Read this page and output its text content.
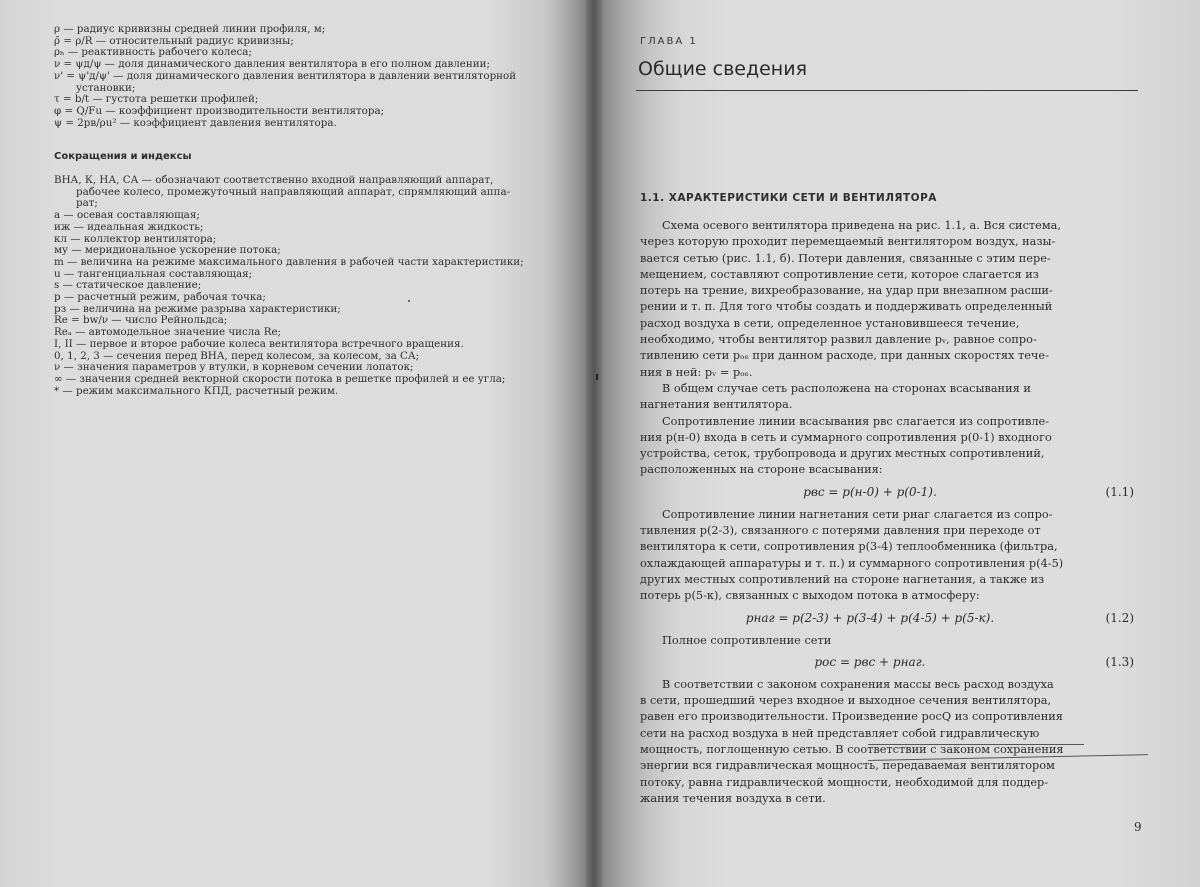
ρ — радиус кривизны средней линии профиля, м;
ρ̄ = ρ/R — относительный радиус кривизны;
ρₕ — реактивность рабочего колеса;
ν = ψд/ψ — доля динамического давления вентилятора в его полном давлении;
ν' = ψ'д/ψ' — доля динамического давления вентилятора в давлении вентиляторной
установки;
τ = b/t — густота решетки профилей;
φ = Q/Fu — коэффициент производительности вентилятора;
ψ = 2pв/ρu² — коэффициент давления вентилятора.
Сокращения и индексы
ВНА, К, НА, СА — обозначают соответственно входной направляющий аппарат,
рабочее колесо, промежуточный направляющий аппарат, спрямляющий аппа-
рат;
a — осевая составляющая;
иж — идеальная жидкость;
кл — коллектор вентилятора;
му — меридиональное ускорение потока;
m — величина на режиме максимального давления в рабочей части характеристики;
u — тангенциальная составляющая;
s — статическое давление;
p — расчетный режим, рабочая точка;
рз — величина на режиме разрыва характеристики;
Re = bw/ν — число Рейнольдса;
Reₐ — автомодельное значение числа Re;
I, II — первое и второе рабочие колеса вентилятора встречного вращения.
0, 1, 2, 3 — сечения перед ВНА, перед колесом, за колесом, за СА;
ν — значения параметров у втулки, в корневом сечении лопаток;
∞ — значения средней векторной скорости потока в решетке профилей и ее угла;
* — режим максимального КПД, расчетный режим.
ГЛАВА 1
Общие сведения
1.1. ХАРАКТЕРИСТИКИ СЕТИ И ВЕНТИЛЯТОРА
Схема осевого вентилятора приведена на рис. 1.1, а. Вся система,
через которую проходит перемещаемый вентилятором воздух, назы-
вается сетью (рис. 1.1, б). Потери давления, связанные с этим пере-
мещением, составляют сопротивление сети, которое слагается из
потерь на трение, вихреобразование, на удар при внезапном расши-
рении и т. п. Для того чтобы создать и поддерживать определенный
расход воздуха в сети, определенное установившееся течение,
необходимо, чтобы вентилятор развил давление pᵥ, равное сопро-
тивлению сети pₒₑ при данном расходе, при данных скоростях тече-
ния в ней: pᵥ = pₒₑ.
В общем случае сеть расположена на сторонах всасывания и
нагнетания вентилятора.
Сопротивление линии всасывания pвс слагается из сопротивле-
ния p(н-0) входа в сеть и суммарного сопротивления p(0-1) входного
устройства, сеток, трубопровода и других местных сопротивлений,
расположенных на стороне всасывания:
pвс = p(н-0) + p(0-1).	(1.1)
Сопротивление линии нагнетания сети pнаг слагается из сопро-
тивления p(2-3), связанного с потерями давления при переходе от
вентилятора к сети, сопротивления p(3-4) теплообменника (фильтра,
охлаждающей аппаратуры и т. п.) и суммарного сопротивления p(4-5)
других местных сопротивлений на стороне нагнетания, а также из
потерь p(5-к), связанных с выходом потока в атмосферу:
pнаг = p(2-3) + p(3-4) + p(4-5) + p(5-к).	(1.2)
Полное сопротивление сети
pос = pвс + pнаг.	(1.3)
В соответствии с законом сохранения массы весь расход воздуха
в сети, прошедший через входное и выходное сечения вентилятора,
равен его производительности. Произведение pосQ из сопротивления
сети на расход воздуха в ней представляет собой гидравлическую
мощность, поглощенную сетью. В соответствии с законом сохранения
энергии вся гидравлическая мощность, передаваемая вентилятором
потоку, равна гидравлической мощности, необходимой для поддер-
жания течения воздуха в сети.
9
